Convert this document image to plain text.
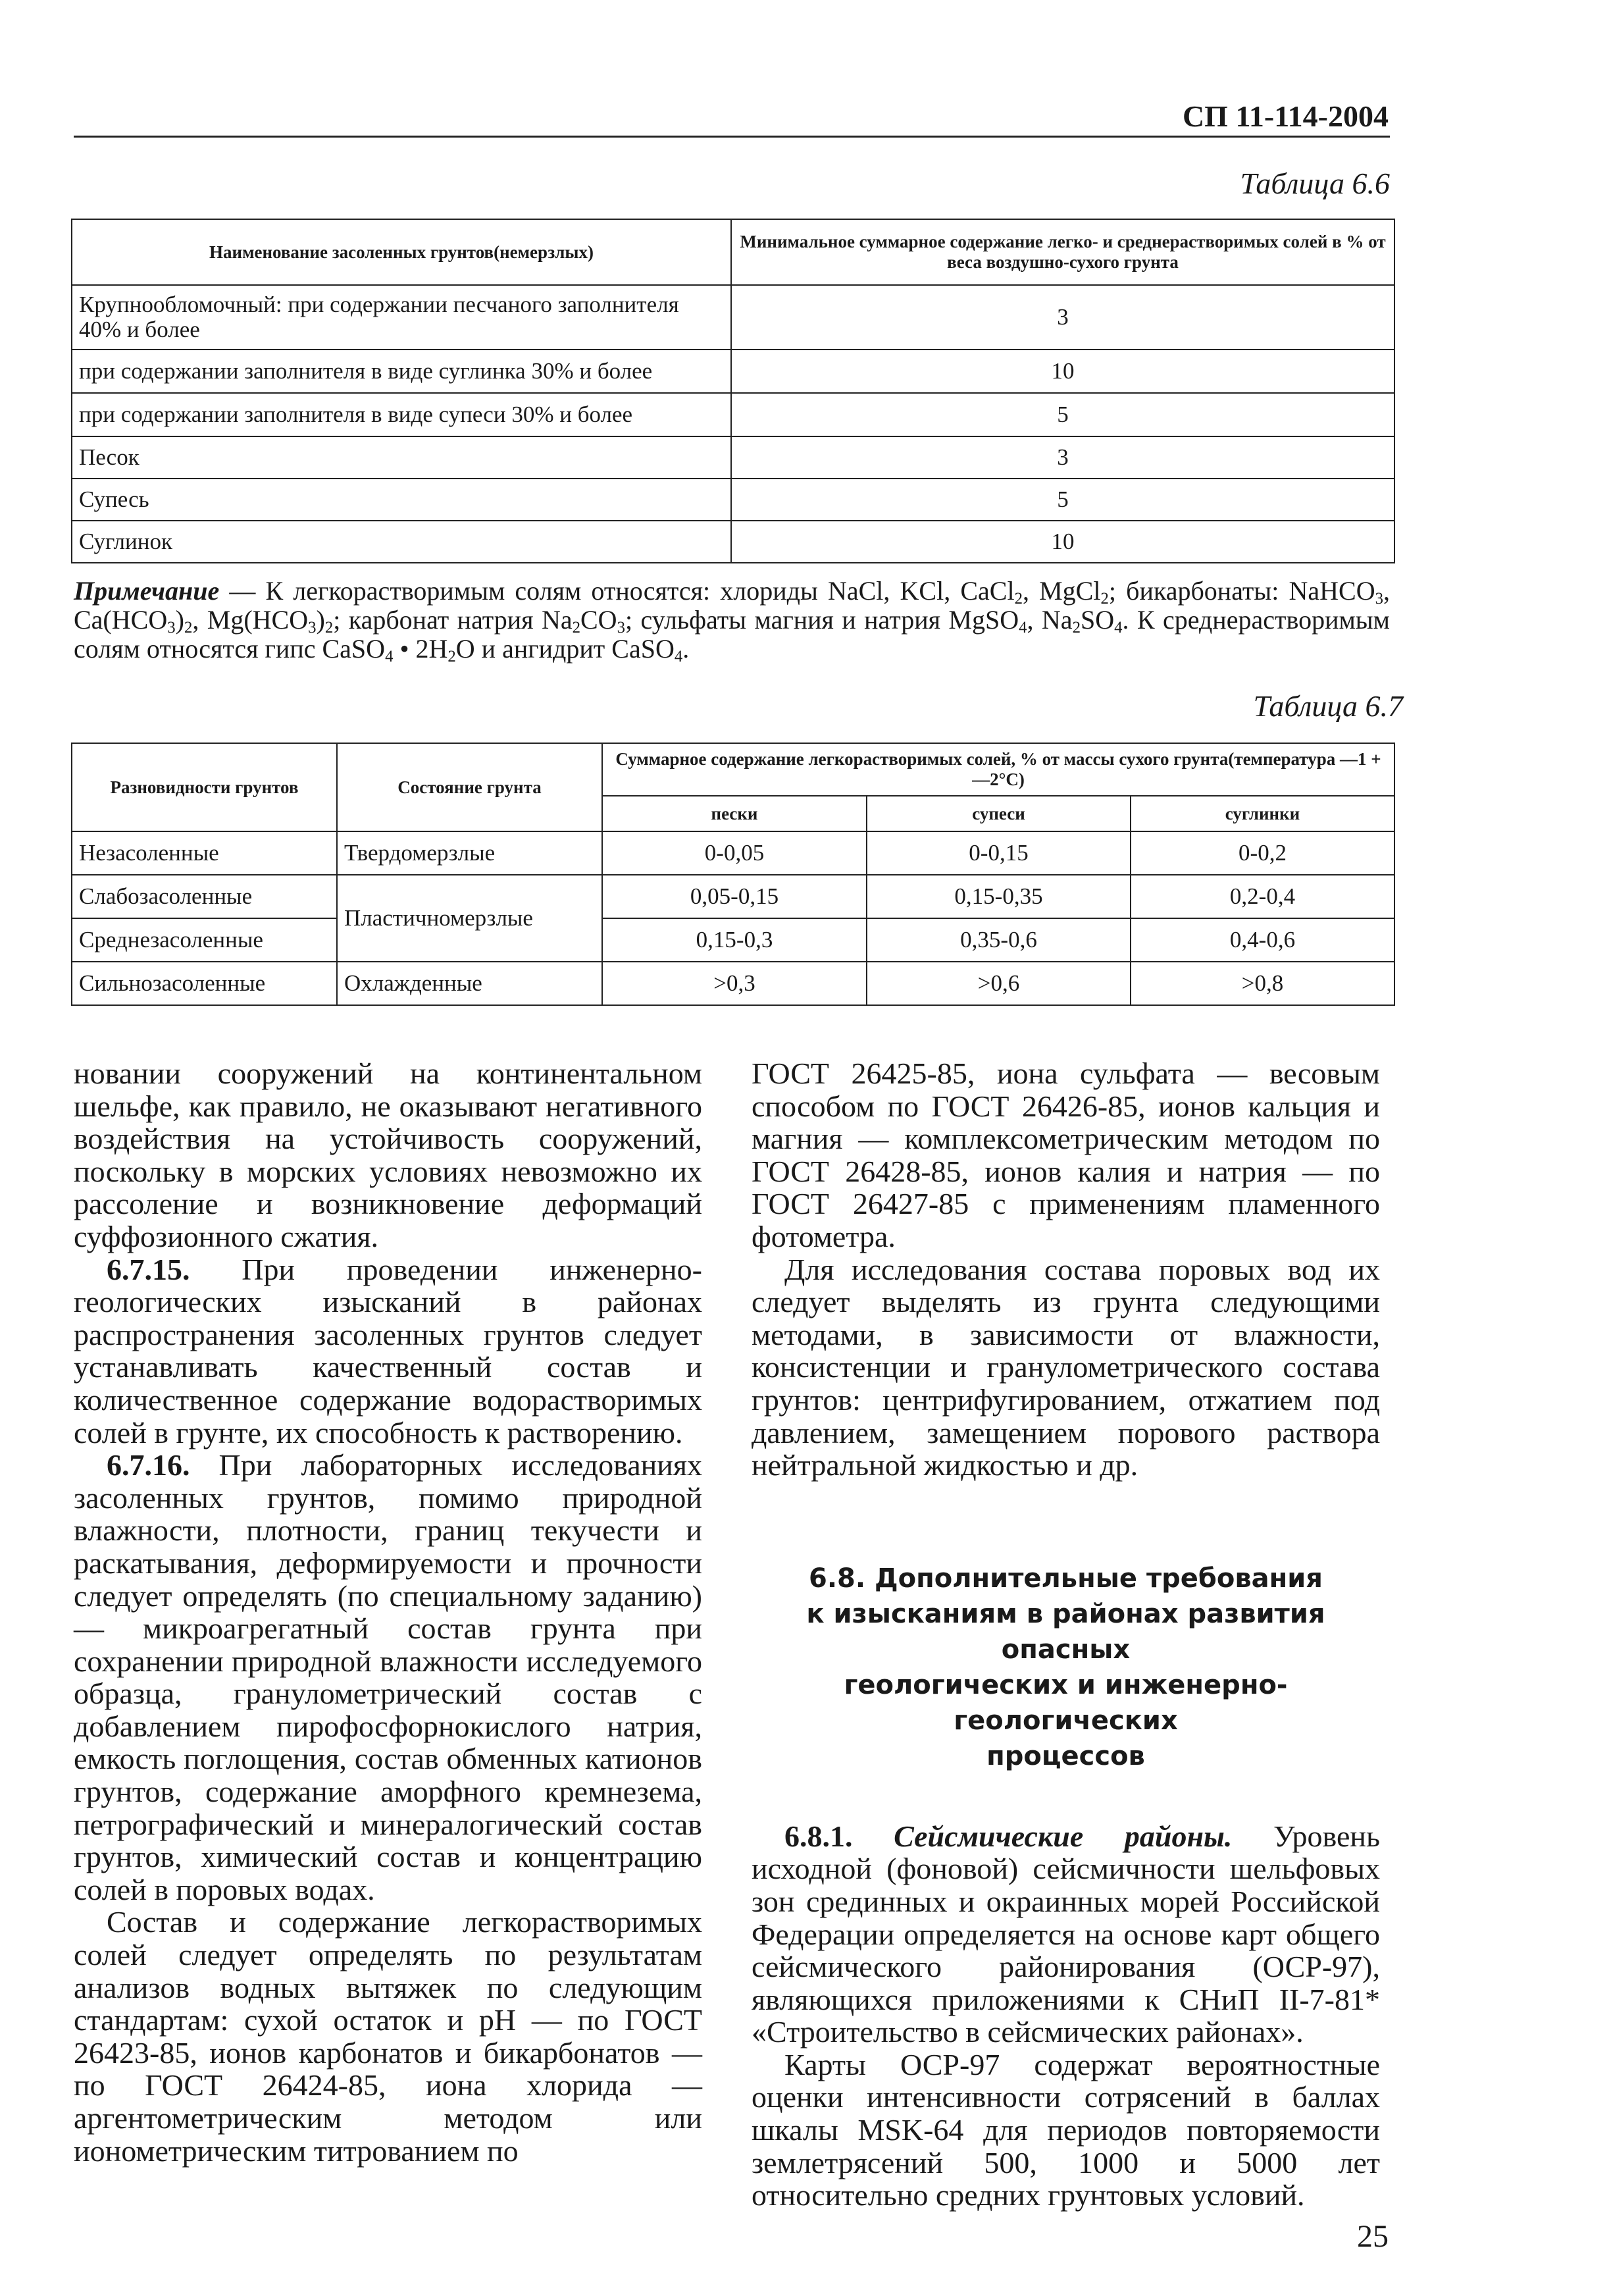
СП 11-114-2004
Таблица 6.6
Наименование засоленных грунтов(немерзлых)	Минимальное суммарное содержание легко- и среднерастворимых солей в % от веса воздушно-сухого грунта
Крупнообломочный: при содержании песчаного заполнителя 40% и более	3
при содержании заполнителя в виде суглинка 30% и более	10
при содержании заполнителя в виде супеси 30% и более	5
Песок	3
Супесь	5
Суглинок	10
Примечание — К легкорастворимым солям относятся: хлориды NaCl, KCl, CaCl$_2$, MgCl$_2$; бикарбонаты: NaHCO$_3$, $Ca(HCO_3)_2$, $Mg(HCO_3)_2$; карбонат натрия $Na_2CO_3$; сульфаты магния и натрия MgSO$_4$, $Na_2SO_4$. К среднерастворимым солям относятся гипс CaSO$_4$ • $2H_2O$ и ангидрит CaSO$_4$.
Таблица 6.7
Разновидности грунтов	Состояние грунта	Суммарное содержание легкорастворимых солей, % от массы сухого грунта(температура —1 + —2°С)		
		пески	супеси	суглинки
Незасоленные	Твердомерзлые	0-0,05	0-0,15	0-0,2
Слабозасоленные	Пластичномерзлые	0,05-0,15	0,15-0,35	0,2-0,4
Среднезасоленные		0,15-0,3	0,35-0,6	0,4-0,6
Сильнозасоленные	Охлажденные	>0,3	>0,6	>0,8

новании сооружений на континентальном шельфе, как правило, не оказывают негативного воздействия на устойчивость сооружений, поскольку в морских условиях невозможно их рассоление и возникновение деформаций суффозионного сжатия.

6.7.15. При проведении инженерно-геологических изысканий в районах распространения засоленных грунтов следует устанавливать качественный состав и количественное содержание водорастворимых солей в грунте, их способность к растворению.

6.7.16. При лабораторных исследованиях засоленных грунтов, помимо природной влажности, плотности, границ текучести и раскатывания, деформируемости и прочности следует определять (по специальному заданию) — микроагрегатный состав грунта при сохранении природной влажности исследуемого образца, гранулометрический состав с добавлением пирофосфорнокислого натрия, емкость поглощения, состав обменных катионов грунтов, содержание аморфного кремнезема, петрографический и минералогический состав грунтов, химический состав и концентрацию солей в поровых водах.

Состав и содержание легкорастворимых солей следует определять по результатам анализов водных вытяжек по следующим стандартам: сухой остаток и pH — по ГОСТ 26423-85, ионов карбонатов и бикарбонатов — по ГОСТ 26424-85, иона хлорида — аргентометрическим методом или ионометрическим титрованием по

ГОСТ 26425-85, иона сульфата — весовым способом по ГОСТ 26426-85, ионов кальция и магния — комплексометрическим методом по ГОСТ 26428-85, ионов калия и натрия — по ГОСТ 26427-85 с применениям пламенного фотометра.

Для исследования состава поровых вод их следует выделять из грунта следующими методами, в зависимости от влажности, консистенции и гранулометрического состава грунтов: центрифугированием, отжатием под давлением, замещением порового раствора нейтральной жидкостью и др.

6.8. Дополнительные требования
к изысканиям в районах развития опасных
геологических и инженерно-геологических
процессов

6.8.1. Сейсмические районы. Уровень исходной (фоновой) сейсмичности шельфовых зон срединных и окраинных морей Российской Федерации определяется на основе карт общего сейсмического районирования (ОСР-97), являющихся приложениями к СНиП II-7-81* «Строительство в сейсмических районах».

Карты ОСР-97 содержат вероятностные оценки интенсивности сотрясений в баллах шкалы MSK-64 для периодов повторяемости землетрясений 500, 1000 и 5000 лет относительно средних грунтовых условий.

25
